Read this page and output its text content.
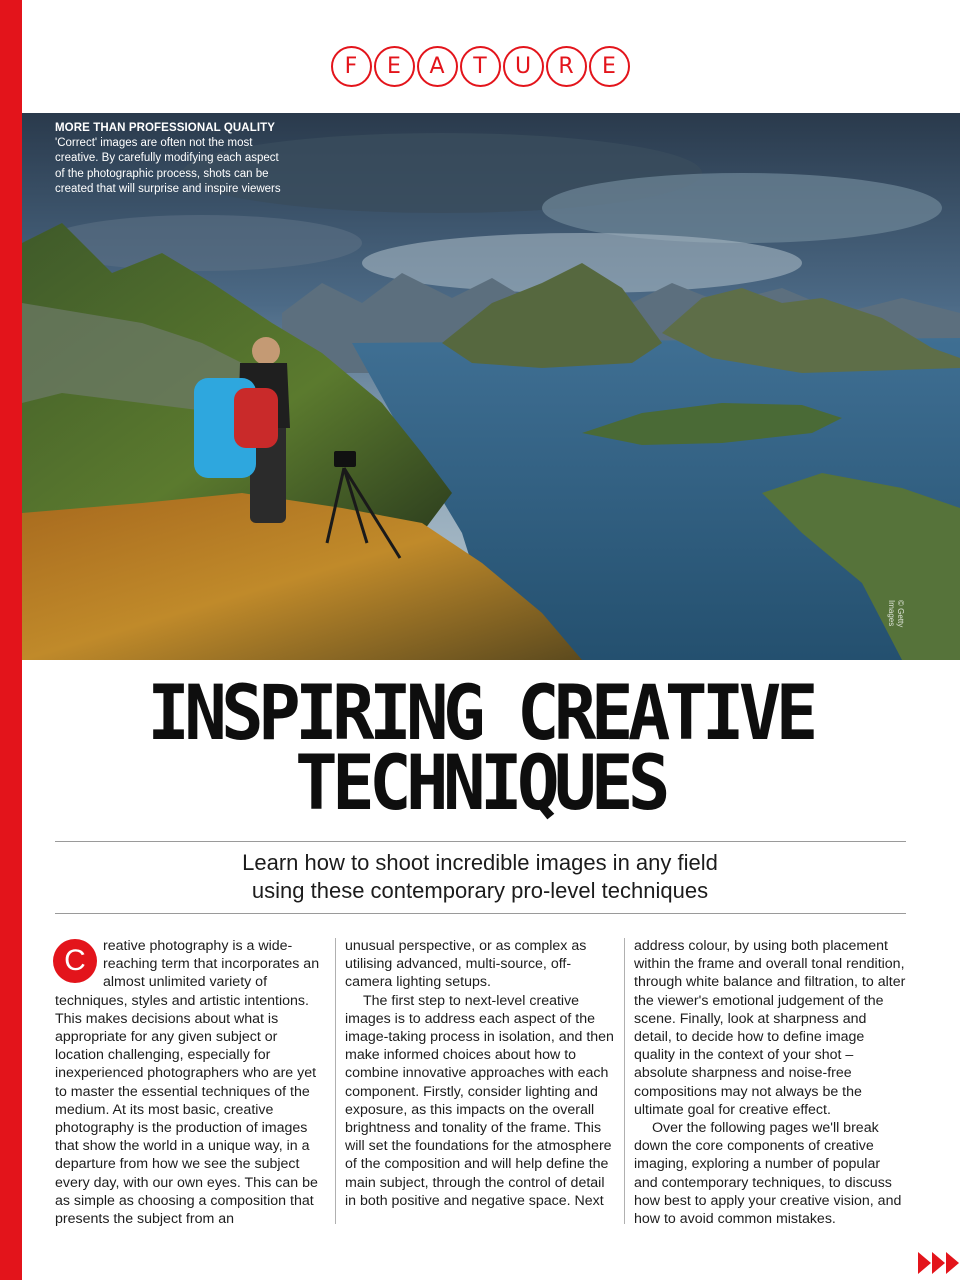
F	E	A	T	U	R	E
MORE THAN PROFESSIONAL QUALITY
'Correct' images are often not the most creative. By carefully modifying each aspect of the photographic process, shots can be created that will surprise and inspire viewers
© Getty Images
INSPIRING CREATIVE
TECHNIQUES
Learn how to shoot incredible images in any field
using these contemporary pro-level techniques
C	reative photography is a wide-reaching term that incorporates an almost unlimited variety of techniques, styles and artistic intentions. This makes decisions about what is appropriate for any given subject or location challenging, especially for inexperienced photographers who are yet to master the essential techniques of the medium. At its most basic, creative photography is the production of images that show the world in a unique way, in a departure from how we see the subject every day, with our own eyes. This can be as simple as choosing a composition that presents the subject from an

unusual perspective, or as complex as utilising advanced, multi-source, off-camera lighting setups.

The first step to next-level creative images is to address each aspect of the image-taking process in isolation, and then make informed choices about how to combine innovative approaches with each component. Firstly, consider lighting and exposure, as this impacts on the overall brightness and tonality of the frame. This will set the foundations for the atmosphere of the composition and will help define the main subject, through the control of detail in both positive and negative space. Next

address colour, by using both placement within the frame and overall tonal rendition, through white balance and filtration, to alter the viewer's emotional judgement of the scene. Finally, look at sharpness and detail, to decide how to define image quality in the context of your shot – absolute sharpness and noise-free compositions may not always be the ultimate goal for creative effect.

Over the following pages we'll break down the core components of creative imaging, exploring a number of popular and contemporary techniques, to discuss how best to apply your creative vision, and how to avoid common mistakes.
